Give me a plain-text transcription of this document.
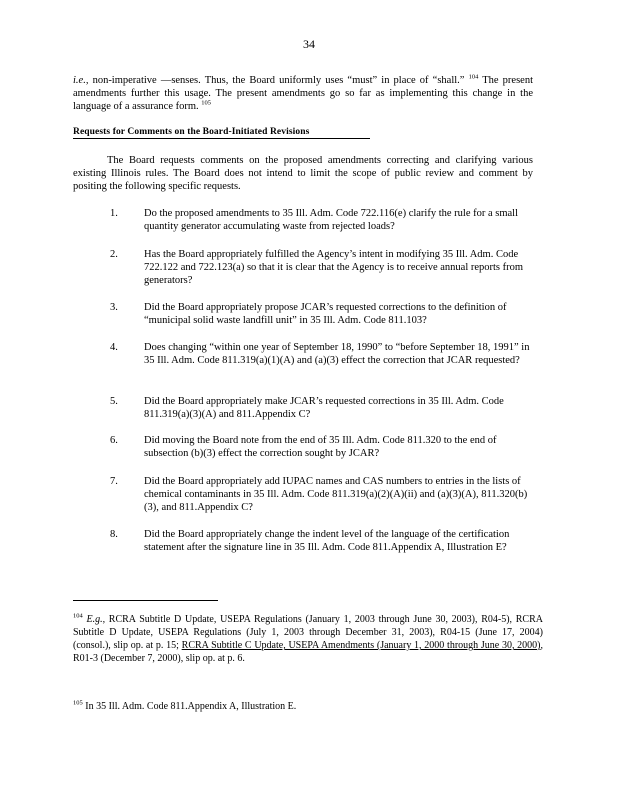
34
i.e., non-imperative —senses. Thus, the Board uniformly uses “must” in place of “shall.” $^{104}$ The present amendments further this usage. The present amendments go so far as implementing this change in the language of a assurance form. $^{105}$
Requests for Comments on the Board-Initiated Revisions
The Board requests comments on the proposed amendments correcting and clarifying various existing Illinois rules. The Board does not intend to limit the scope of public review and comment by positing the following specific requests.
1.	Do the proposed amendments to 35 Ill. Adm. Code 722.116(e) clarify the rule for a small quantity generator accumulating waste from rejected loads?
2.	Has the Board appropriately fulfilled the Agency’s intent in modifying 35 Ill. Adm. Code 722.122 and 722.123(a) so that it is clear that the Agency is to receive annual reports from generators?
3.	Did the Board appropriately propose JCAR’s requested corrections to the definition of “municipal solid waste landfill unit” in 35 Ill. Adm. Code 811.103?
4.	Does changing “within one year of September 18, 1990” to “before September 18, 1991” in 35 Ill. Adm. Code 811.319(a)(1)(A) and (a)(3) effect the correction that JCAR requested?
5.	Did the Board appropriately make JCAR’s requested corrections in 35 Ill. Adm. Code 811.319(a)(3)(A) and 811.Appendix C?
6.	Did moving the Board note from the end of 35 Ill. Adm. Code 811.320 to the end of subsection (b)(3) effect the correction sought by JCAR?
7.	Did the Board appropriately add IUPAC names and CAS numbers to entries in the lists of chemical contaminants in 35 Ill. Adm. Code 811.319(a)(2)(A)(ii) and (a)(3)(A), 811.320(b)(3), and 811.Appendix C?
8.	Did the Board appropriately change the indent level of the language of the certification statement after the signature line in 35 Ill. Adm. Code 811.Appendix A, Illustration E?
$^{104}$ E.g., RCRA Subtitle D Update, USEPA Regulations (January 1, 2003 through June 30, 2003), R04-5), RCRA Subtitle D Update, USEPA Regulations (July 1, 2003 through December 31, 2003), R04-15 (June 17, 2004) (consol.), slip op. at p. 15; RCRA Subtitle C Update, USEPA Amendments (January 1, 2000 through June 30, 2000), R01-3 (December 7, 2000), slip op. at p. 6.
$^{105}$ In 35 Ill. Adm. Code 811.Appendix A, Illustration E.
